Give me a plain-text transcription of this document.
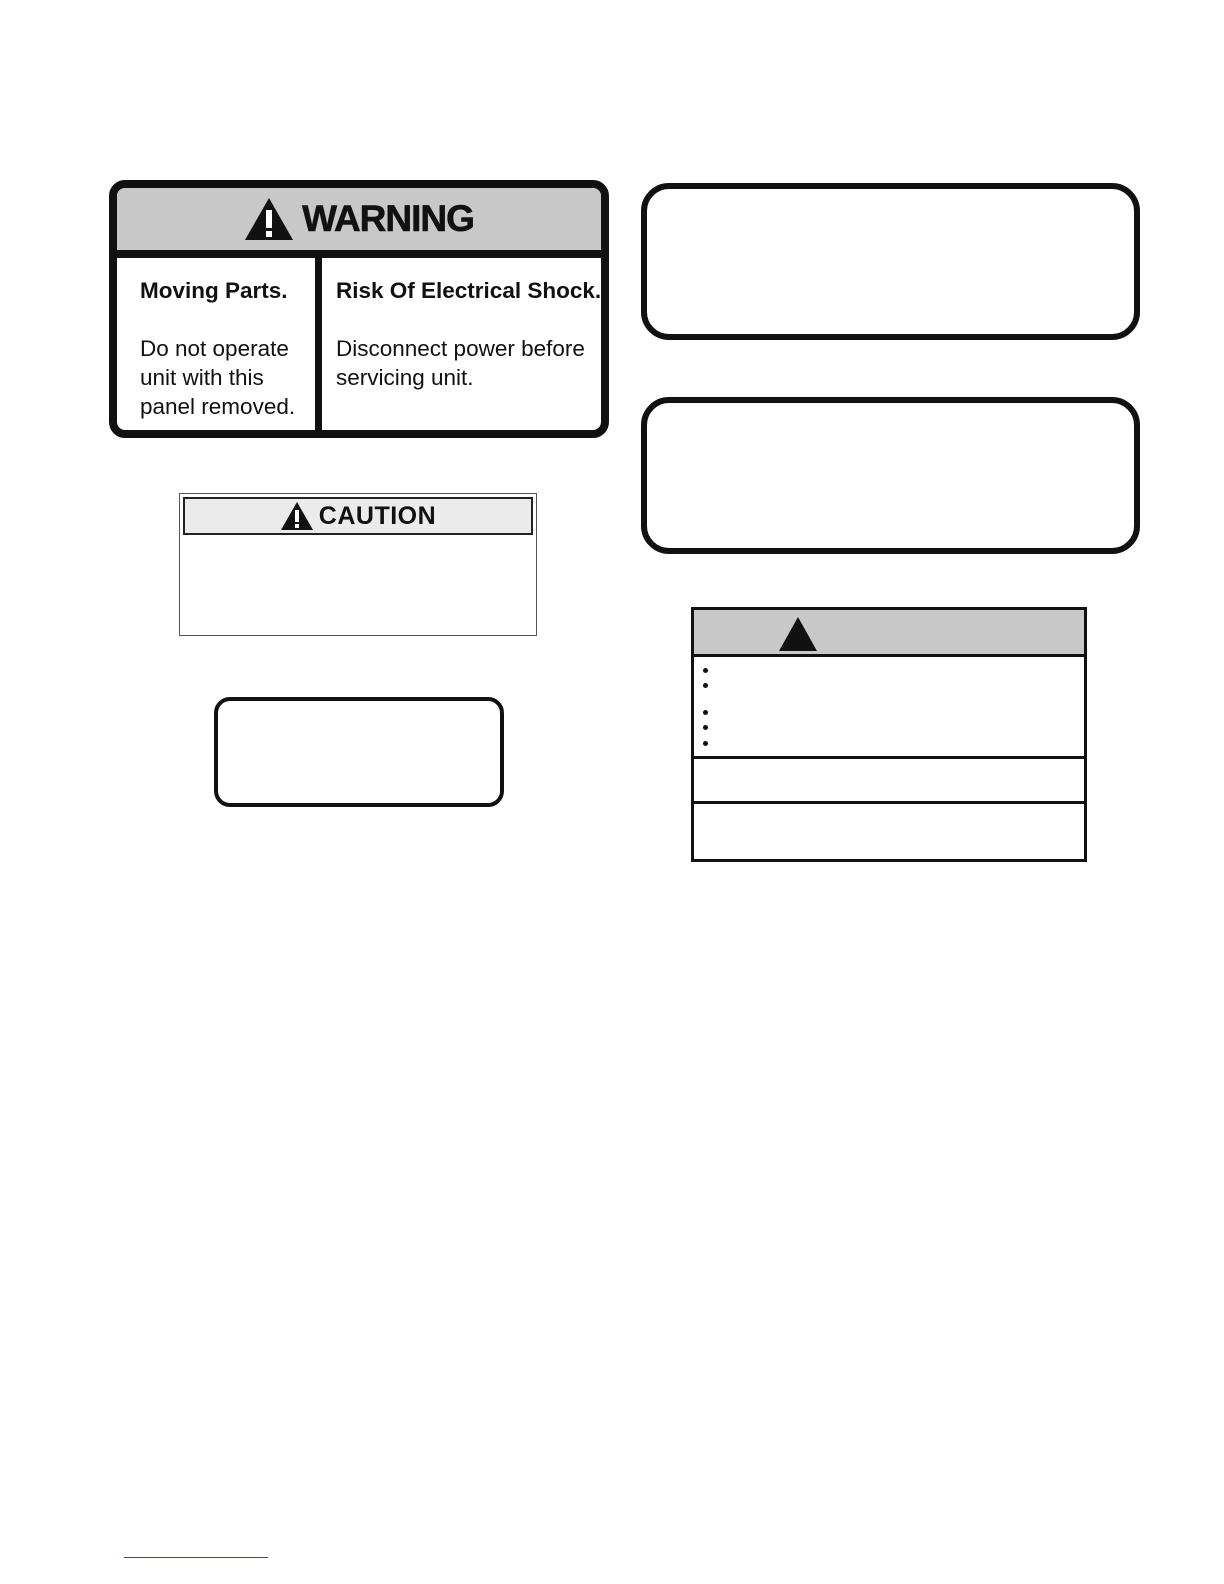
WARNING
Moving Parts.
Do not operate unit with this panel removed.
Risk Of Electrical Shock.
Disconnect power before servicing unit.
CAUTION
